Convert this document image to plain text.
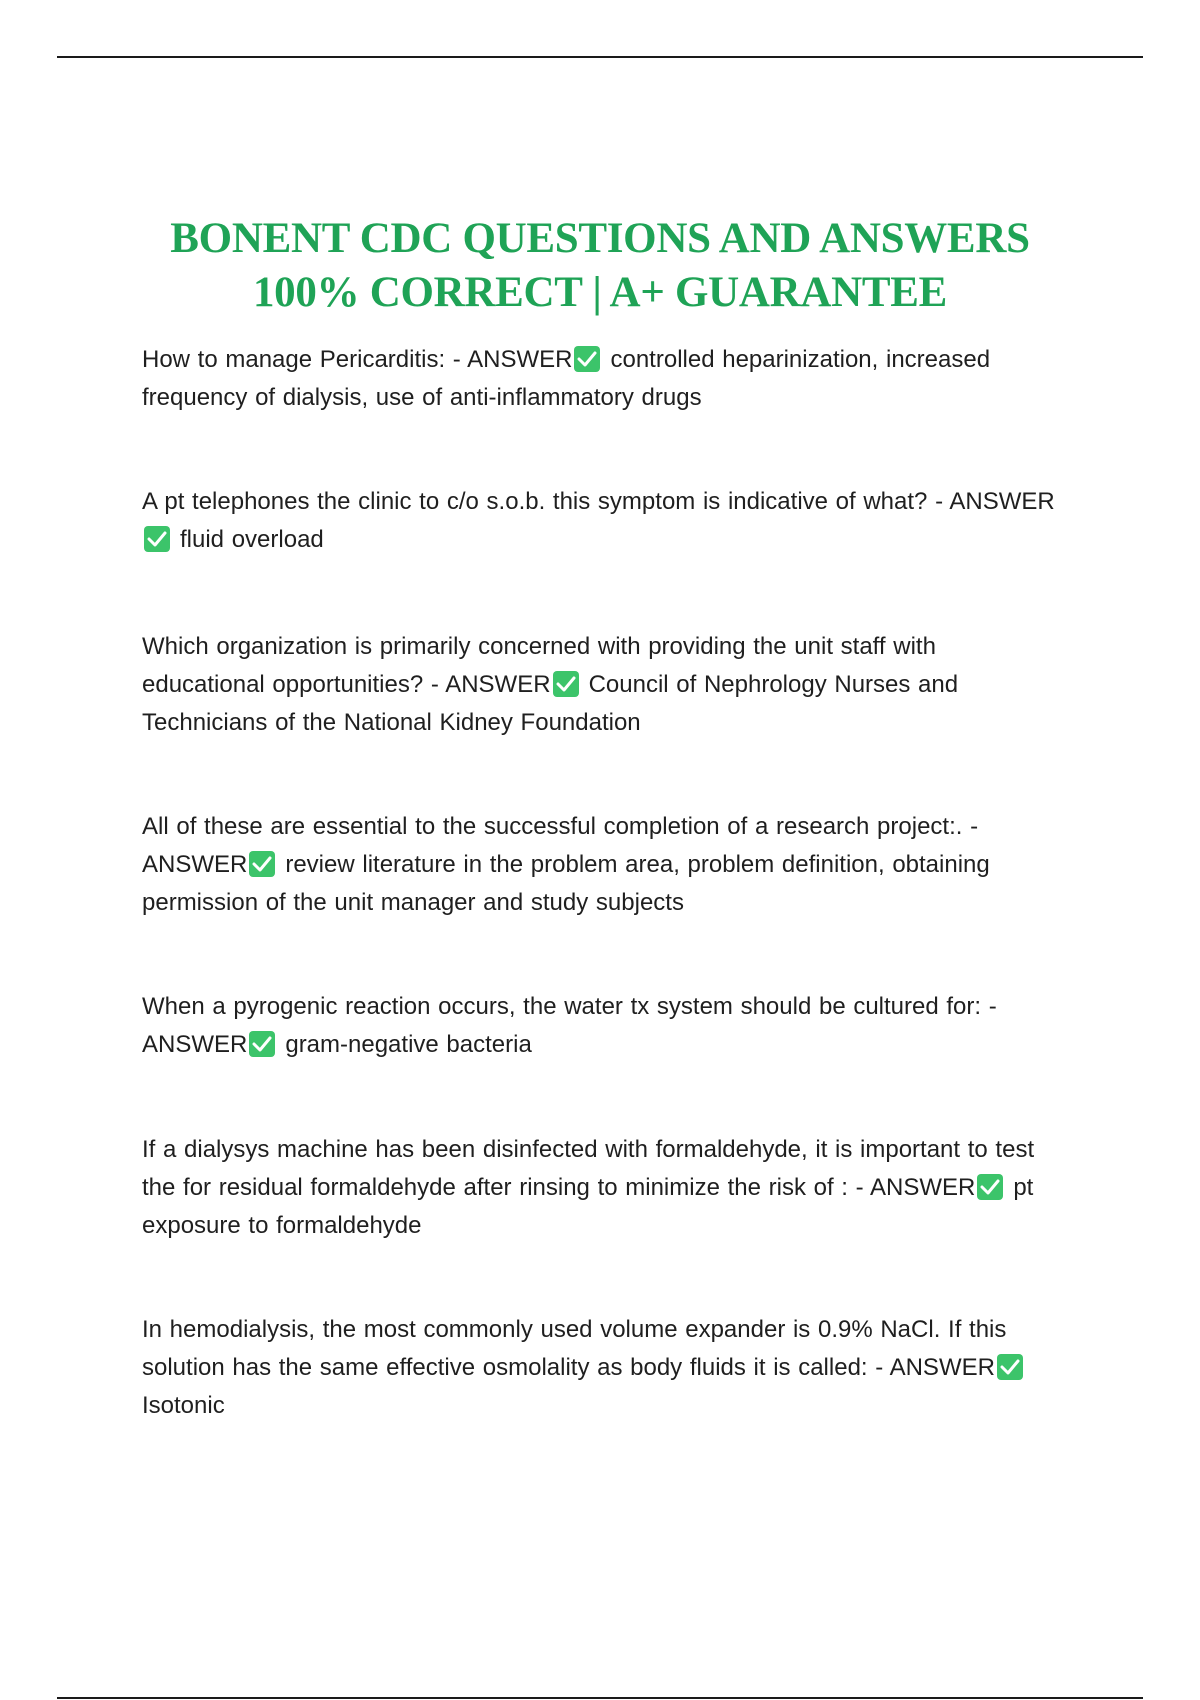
BONENT CDC QUESTIONS AND ANSWERS
100% CORRECT | A+ GUARANTEE
How to manage Pericarditis: - ANSWER controlled heparinization, increased frequency of dialysis, use of anti-inflammatory drugs
A pt telephones the clinic to c/o s.o.b. this symptom is indicative of what? - ANSWER
fluid overload
Which organization is primarily concerned with providing the unit staff with educational opportunities? - ANSWER Council of Nephrology Nurses and Technicians of the National Kidney Foundation
All of these are essential to the successful completion of a research project:. - ANSWER review literature in the problem area, problem definition, obtaining permission of the unit manager and study subjects
When a pyrogenic reaction occurs, the water tx system should be cultured for: - ANSWER gram-negative bacteria
If a dialysys machine has been disinfected with formaldehyde, it is important to test the for residual formaldehyde after rinsing to minimize the risk of : - ANSWER pt exposure to formaldehyde
In hemodialysis, the most commonly used volume expander is 0.9% NaCl. If this solution has the same effective osmolality as body fluids it is called: - ANSWER
Isotonic
